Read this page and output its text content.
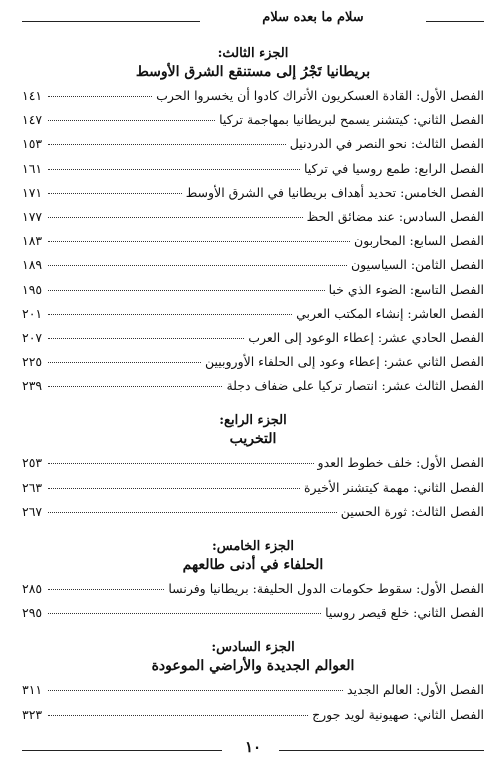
سلام ما بعده سلام
الجزء الثالث:
بريطانيا تَجْرُ إلى مستنقع الشرق الأوسط
الفصل الأول: القادة العسكريون الأتراك كادوا أن يخسروا الحرب
١٤١
الفصل الثاني: كيتشنر يسمح لبريطانيا بمهاجمة تركيا
١٤٧
الفصل الثالث: نحو النصر في الدردنيل
١٥٣
الفصل الرابع: طمع روسيا في تركيا
١٦١
الفصل الخامس: تحديد أهداف بريطانيا في الشرق الأوسط
١٧١
الفصل السادس: عند مضائق الحظ
١٧٧
الفصل السابع: المحاربون
١٨٣
الفصل الثامن: السياسيون
١٨٩
الفصل التاسع: الضوء الذي خبا
١٩٥
الفصل العاشر: إنشاء المكتب العربي
٢٠١
الفصل الحادي عشر: إعطاء الوعود إلى العرب
٢٠٧
الفصل الثاني عشر: إعطاء وعود إلى الحلفاء الأوروبيين
٢٢٥
الفصل الثالث عشر: انتصار تركيا على ضفاف دجلة
٢٣٩
الجزء الرابع:
التخريب
الفصل الأول: خلف خطوط العدو
٢٥٣
الفصل الثاني: مهمة كيتشنر الأخيرة
٢٦٣
الفصل الثالث: ثورة الحسين
٢٦٧
الجزء الخامس:
الحلفاء في أدنى طالعهم
الفصل الأول: سقوط حكومات الدول الحليفة: بريطانيا وفرنسا
٢٨٥
الفصل الثاني: خلع قيصر روسيا
٢٩٥
الجزء السادس:
العوالم الجديدة والأراضي الموعودة
الفصل الأول: العالم الجديد
٣١١
الفصل الثاني: صهيونية لويد جورج
٣٢٣
١٠
